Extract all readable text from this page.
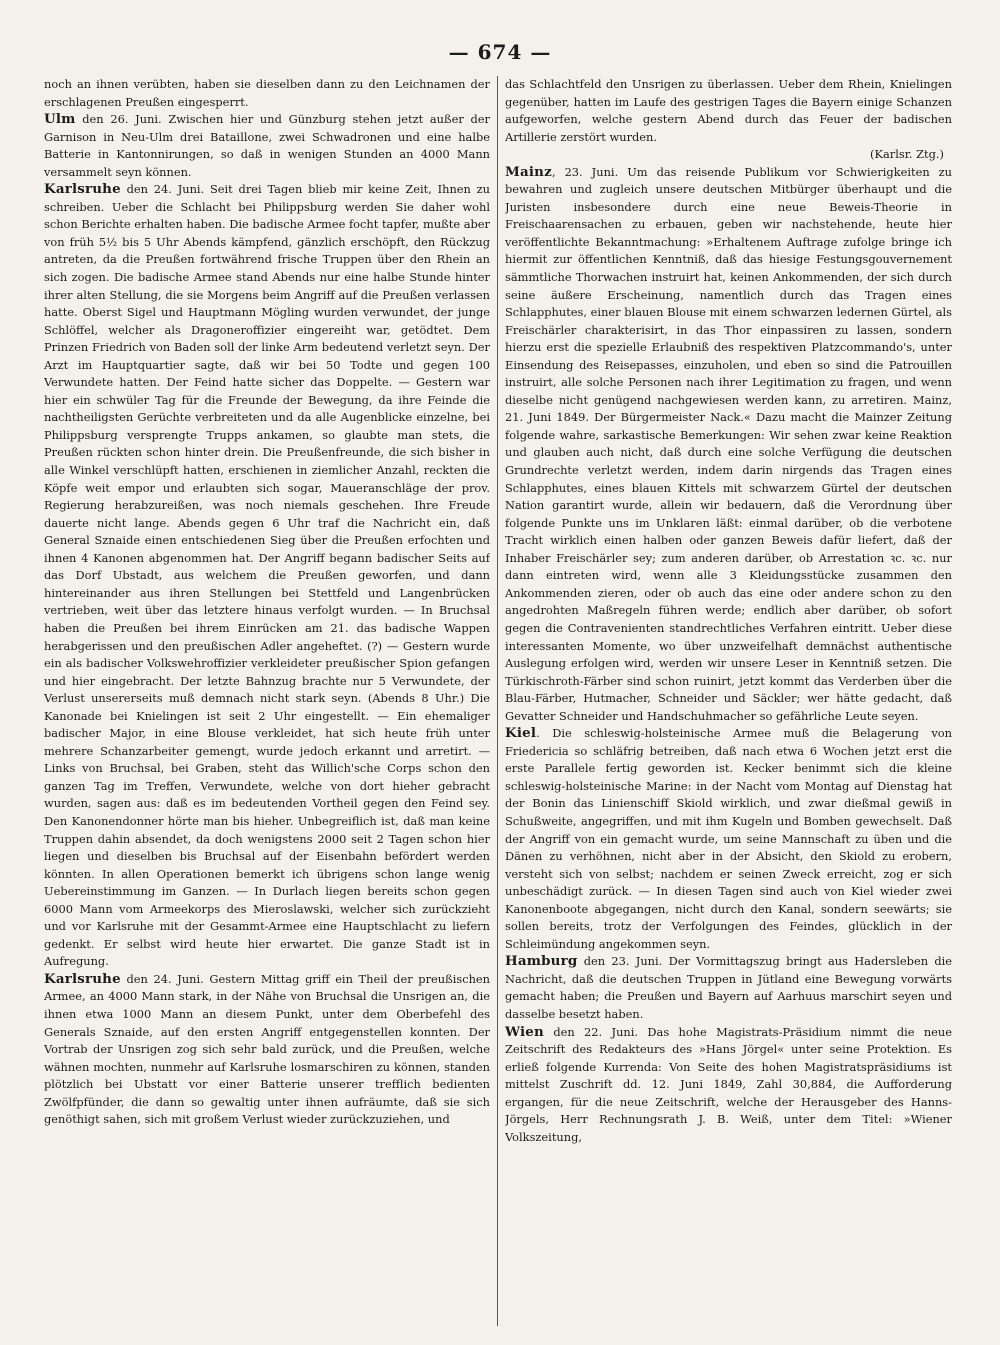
— 674 —

noch an ihnen verübten, haben sie dieselben dann zu den Leichnamen der erschlagenen Preußen eingesperrt.

Ulm den 26. Juni. Zwischen hier und Günzburg stehen jetzt außer der Garnison in Neu-Ulm drei Bataillone, zwei Schwadronen und eine halbe Batterie in Kantonnirungen, so daß in wenigen Stunden an 4000 Mann versammelt seyn können.

Karlsruhe den 24. Juni. Seit drei Tagen blieb mir keine Zeit, Ihnen zu schreiben. Ueber die Schlacht bei Philippsburg werden Sie daher wohl schon Berichte erhalten haben. Die badische Armee focht tapfer, mußte aber von früh 5½ bis 5 Uhr Abends kämpfend, gänzlich erschöpft, den Rückzug antreten, da die Preußen fortwährend frische Truppen über den Rhein an sich zogen. Die badische Armee stand Abends nur eine halbe Stunde hinter ihrer alten Stellung, die sie Morgens beim Angriff auf die Preußen verlassen hatte. Oberst Sigel und Hauptmann Mögling wurden verwundet, der junge Schlöffel, welcher als Dragoneroffizier eingereiht war, getödtet. Dem Prinzen Friedrich von Baden soll der linke Arm bedeutend verletzt seyn. Der Arzt im Hauptquartier sagte, daß wir bei 50 Todte und gegen 100 Verwundete hatten. Der Feind hatte sicher das Doppelte. — Gestern war hier ein schwüler Tag für die Freunde der Bewegung, da ihre Feinde die nachtheiligsten Gerüchte verbreiteten und da alle Augenblicke einzelne, bei Philippsburg versprengte Trupps ankamen, so glaubte man stets, die Preußen rückten schon hinter drein. Die Preußenfreunde, die sich bisher in alle Winkel verschlüpft hatten, erschienen in ziemlicher Anzahl, reckten die Köpfe weit empor und erlaubten sich sogar, Maueranschläge der prov. Regierung herabzureißen, was noch niemals geschehen. Ihre Freude dauerte nicht lange. Abends gegen 6 Uhr traf die Nachricht ein, daß General Sznaide einen entschiedenen Sieg über die Preußen erfochten und ihnen 4 Kanonen abgenommen hat. Der Angriff begann badischer Seits auf das Dorf Ubstadt, aus welchem die Preußen geworfen, und dann hintereinander aus ihren Stellungen bei Stettfeld und Langenbrücken vertrieben, weit über das letztere hinaus verfolgt wurden. — In Bruchsal haben die Preußen bei ihrem Einrücken am 21. das badische Wappen herabgerissen und den preußischen Adler angeheftet. (?) — Gestern wurde ein als badischer Volkswehroffizier verkleideter preußischer Spion gefangen und hier eingebracht. Der letzte Bahnzug brachte nur 5 Verwundete, der Verlust unsererseits muß demnach nicht stark seyn. (Abends 8 Uhr.) Die Kanonade bei Knielingen ist seit 2 Uhr eingestellt. — Ein ehemaliger badischer Major, in eine Blouse verkleidet, hat sich heute früh unter mehrere Schanzarbeiter gemengt, wurde jedoch erkannt und arretirt. — Links von Bruchsal, bei Graben, steht das Willich'sche Corps schon den ganzen Tag im Treffen, Verwundete, welche von dort hieher gebracht wurden, sagen aus: daß es im bedeutenden Vortheil gegen den Feind sey. Den Kanonendonner hörte man bis hieher. Unbegreiflich ist, daß man keine Truppen dahin absendet, da doch wenigstens 2000 seit 2 Tagen schon hier liegen und dieselben bis Bruchsal auf der Eisenbahn befördert werden könnten. In allen Operationen bemerkt ich übrigens schon lange wenig Uebereinstimmung im Ganzen. — In Durlach liegen bereits schon gegen 6000 Mann vom Armeekorps des Mieroslawski, welcher sich zurückzieht und vor Karlsruhe mit der Gesammt-Armee eine Hauptschlacht zu liefern gedenkt. Er selbst wird heute hier erwartet. Die ganze Stadt ist in Aufregung.

Karlsruhe den 24. Juni. Gestern Mittag griff ein Theil der preußischen Armee, an 4000 Mann stark, in der Nähe von Bruchsal die Unsrigen an, die ihnen etwa 1000 Mann an diesem Punkt, unter dem Oberbefehl des Generals Sznaide, auf den ersten Angriff entgegenstellen konnten. Der Vortrab der Unsrigen zog sich sehr bald zurück, und die Preußen, welche wähnen mochten, nunmehr auf Karlsruhe losmarschiren zu können, standen plötzlich bei Ubstatt vor einer Batterie unserer trefflich bedienten Zwölfpfünder, die dann so gewaltig unter ihnen aufräumte, daß sie sich genöthigt sahen, sich mit großem Verlust wieder zurückzuziehen, und

das Schlachtfeld den Unsrigen zu überlassen. Ueber dem Rhein, Knielingen gegenüber, hatten im Laufe des gestrigen Tages die Bayern einige Schanzen aufgeworfen, welche gestern Abend durch das Feuer der badischen Artillerie zerstört wurden.

(Karlsr. Ztg.)

Mainz, 23. Juni. Um das reisende Publikum vor Schwierigkeiten zu bewahren und zugleich unsere deutschen Mitbürger überhaupt und die Juristen insbesondere durch eine neue Beweis-Theorie in Freischaarensachen zu erbauen, geben wir nachstehende, heute hier veröffentlichte Bekanntmachung: »Erhaltenem Auftrage zufolge bringe ich hiermit zur öffentlichen Kenntniß, daß das hiesige Festungsgouvernement sämmtliche Thorwachen instruirt hat, keinen Ankommenden, der sich durch seine äußere Erscheinung, namentlich durch das Tragen eines Schlapphutes, einer blauen Blouse mit einem schwarzen ledernen Gürtel, als Freischärler charakterisirt, in das Thor einpassiren zu lassen, sondern hierzu erst die spezielle Erlaubniß des respektiven Platzcommando's, unter Einsendung des Reisepasses, einzuholen, und eben so sind die Patrouillen instruirt, alle solche Personen nach ihrer Legitimation zu fragen, und wenn dieselbe nicht genügend nachgewiesen werden kann, zu arretiren. Mainz, 21. Juni 1849. Der Bürgermeister Nack.« Dazu macht die Mainzer Zeitung folgende wahre, sarkastische Bemerkungen: Wir sehen zwar keine Reaktion und glauben auch nicht, daß durch eine solche Verfügung die deutschen Grundrechte verletzt werden, indem darin nirgends das Tragen eines Schlapphutes, eines blauen Kittels mit schwarzem Gürtel der deutschen Nation garantirt wurde, allein wir bedauern, daß die Verordnung über folgende Punkte uns im Unklaren läßt: einmal darüber, ob die verbotene Tracht wirklich einen halben oder ganzen Beweis dafür liefert, daß der Inhaber Freischärler sey; zum anderen darüber, ob Arrestation ꝛc. ꝛc. nur dann eintreten wird, wenn alle 3 Kleidungsstücke zusammen den Ankommenden zieren, oder ob auch das eine oder andere schon zu den angedrohten Maßregeln führen werde; endlich aber darüber, ob sofort gegen die Contravenienten standrechtliches Verfahren eintritt. Ueber diese interessanten Momente, wo über unzweifelhaft demnächst authentische Auslegung erfolgen wird, werden wir unsere Leser in Kenntniß setzen. Die Türkischroth-Färber sind schon ruinirt, jetzt kommt das Verderben über die Blau-Färber, Hutmacher, Schneider und Säckler; wer hätte gedacht, daß Gevatter Schneider und Handschuhmacher so gefährliche Leute seyen.

Kiel. Die schleswig-holsteinische Armee muß die Belagerung von Friedericia so schläfrig betreiben, daß nach etwa 6 Wochen jetzt erst die erste Parallele fertig geworden ist. Kecker benimmt sich die kleine schleswig-holsteinische Marine: in der Nacht vom Montag auf Dienstag hat der Bonin das Linienschiff Skiold wirklich, und zwar dießmal gewiß in Schußweite, angegriffen, und mit ihm Kugeln und Bomben gewechselt. Daß der Angriff von ein gemacht wurde, um seine Mannschaft zu üben und die Dänen zu verhöhnen, nicht aber in der Absicht, den Skiold zu erobern, versteht sich von selbst; nachdem er seinen Zweck erreicht, zog er sich unbeschädigt zurück. — In diesen Tagen sind auch von Kiel wieder zwei Kanonenboote abgegangen, nicht durch den Kanal, sondern seewärts; sie sollen bereits, trotz der Verfolgungen des Feindes, glücklich in der Schleimündung angekommen seyn.

Hamburg den 23. Juni. Der Vormittagszug bringt aus Hadersleben die Nachricht, daß die deutschen Truppen in Jütland eine Bewegung vorwärts gemacht haben; die Preußen und Bayern auf Aarhuus marschirt seyen und dasselbe besetzt haben.

Wien den 22. Juni. Das hohe Magistrats-Präsidium nimmt die neue Zeitschrift des Redakteurs des »Hans Jörgel« unter seine Protektion. Es erließ folgende Kurrenda: Von Seite des hohen Magistratspräsidiums ist mittelst Zuschrift dd. 12. Juni 1849, Zahl 30,884, die Aufforderung ergangen, für die neue Zeitschrift, welche der Herausgeber des Hanns-Jörgels, Herr Rechnungsrath J. B. Weiß, unter dem Titel: »Wiener Volkszeitung,
